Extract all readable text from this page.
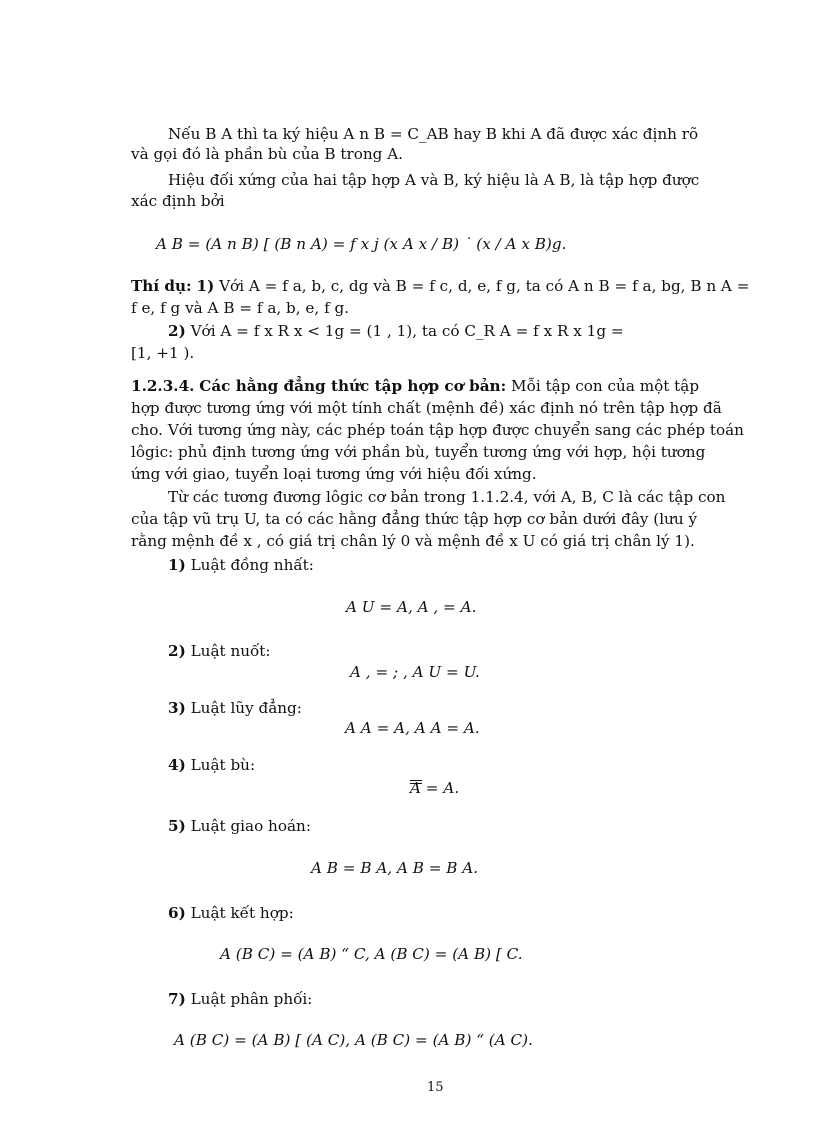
Nếu B A thì ta ký hiệu A n B = C_AB hay B khi A đã được xác định rõ
và gọi đó là phần bù của B trong A.
Hiệu đối xứng của hai tập hợp A và B, ký hiệu là A B, là tập hợp được
xác định bởi
A B = (A n B) [ (B n A) = f x j (x A x / B) ˙ (x / A x B)g.
Thí dụ: 1) Với A = f a, b, c, dg và B = f c, d, e, f g, ta có A n B = f a, bg, B n A =
f e, f g và A B = f a, b, e, f g.
2) Với A = f x R x < 1g = (1 , 1), ta có C_R A = f x R x 1g =
[1, +1 ).
1.2.3.4. Các hằng đẳng thức tập hợp cơ bản: Mỗi tập con của một tập
hợp được tương ứng với một tính chất (mệnh đề) xác định nó trên tập hợp đã
cho. Với tương ứng này, các phép toán tập hợp được chuyển sang các phép toán
lôgic: phủ định tương ứng với phần bù, tuyển tương ứng với hợp, hội tương
ứng với giao, tuyển loại tương ứng với hiệu đối xứng.
Từ các tương đương lôgic cơ bản trong 1.1.2.4, với A, B, C là các tập con
của tập vũ trụ U, ta có các hằng đẳng thức tập hợp cơ bản dưới đây (lưu ý
rằng mệnh đề x , có giá trị chân lý 0 và mệnh đề x U có giá trị chân lý 1).
1) Luật đồng nhất:
A U = A, A , = A.
2) Luật nuốt:
A , = ; , A U = U.
3) Luật lũy đẳng:
A A = A, A A = A.
4) Luật bù:
A = A.
5) Luật giao hoán:
A B = B A, A B = B A.
6) Luật kết hợp:
A (B C) = (A B) “ C, A (B C) = (A B) [ C.
7) Luật phân phối:
A (B C) = (A B) [ (A C), A (B C) = (A B) “ (A C).
15
